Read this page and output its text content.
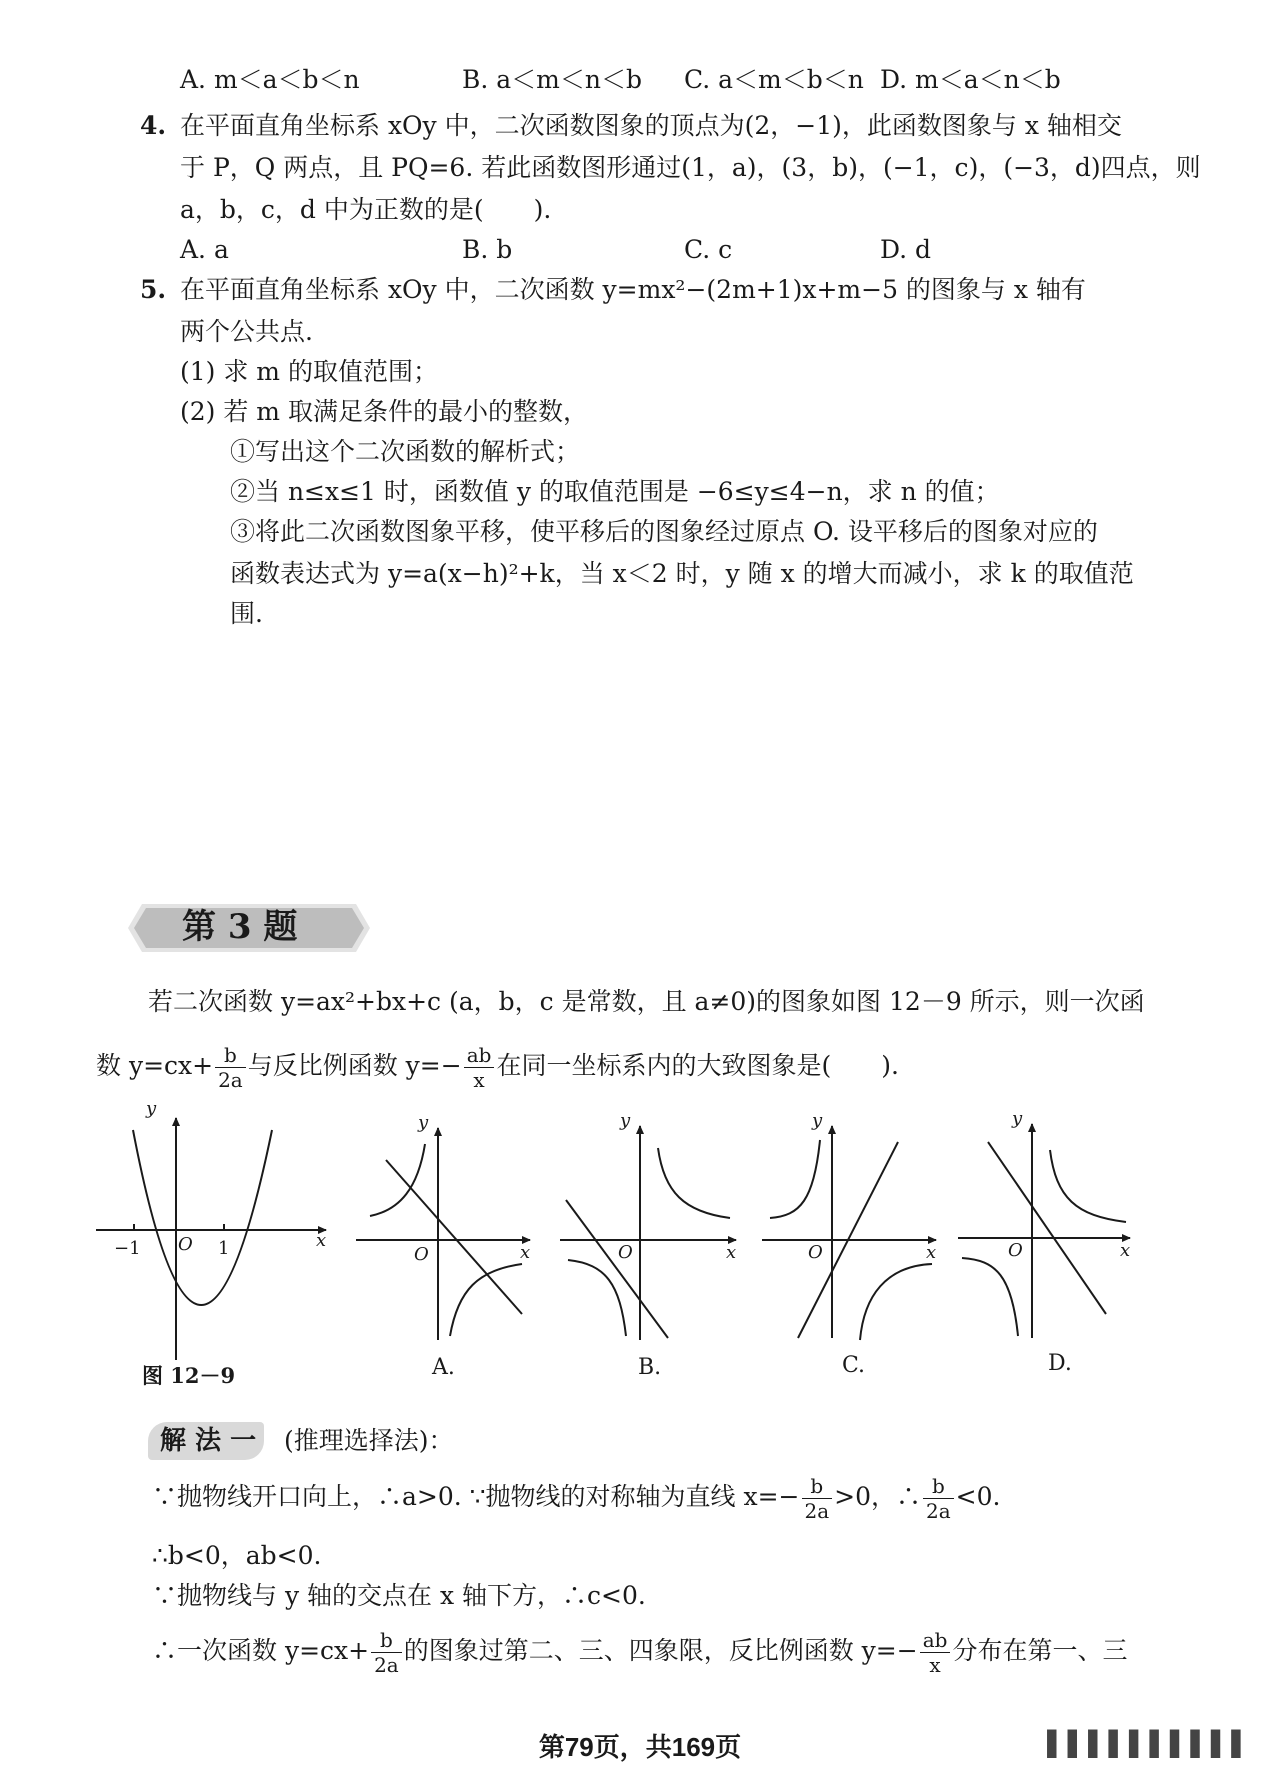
A. m＜a＜b＜n	B. a＜m＜n＜b C. a＜m＜b＜n D. m＜a＜n＜b
4. 在平面直角坐标系 xOy 中，二次函数图象的顶点为(2，−1)，此函数图象与 x 轴相交
于 P，Q 两点，且 PQ=6. 若此函数图形通过(1，a)，(3，b)，(−1，c)，(−3，d)四点，则
a，b，c，d 中为正数的是(　　).
A. a	B. b	C. c	D. d
5. 在平面直角坐标系 xOy 中，二次函数 y=mx²−(2m+1)x+m−5 的图象与 x 轴有
两个公共点.
(1) 求 m 的取值范围；
(2) 若 m 取满足条件的最小的整数，
①写出这个二次函数的解析式；
②当 n≤x≤1 时，函数值 y 的取值范围是 −6≤y≤4−n，求 n 的值；
③将此二次函数图象平移，使平移后的图象经过原点 O. 设平移后的图象对应的
函数表达式为 y=a(x−h)²+k，当 x＜2 时，y 随 x 的增大而减小，求 k 的取值范
围.
第 3 题
若二次函数 y=ax²+bx+c (a，b，c 是常数，且 a≠0)的图象如图 12－9 所示，则一次函
数 $y=cx+ \frac{b}{2a}$ 与反比例函数 $y=- \frac{ab}{x}$ 在同一坐标系内的大致图象是(　　).
y
x
O
−1	1
y
x
O
y
x
O
y
x
O
y
x
O
图 12－9	A.	B.	C.	D.
解 法 一 (推理选择法)：
∵抛物线开口向上，∴a>0. ∵抛物线的对称轴为直线 $x=- \frac{b}{2a} >0$，∴ $\frac{b}{2a} <0$.
∴b<0，ab<0.
∵抛物线与 y 轴的交点在 x 轴下方，∴c<0.
∴一次函数 $y=cx+ \frac{b}{2a}$ 的图象过第二、三、四象限，反比例函数 $y=- \frac{ab}{x}$ 分布在第一、三
第79页，共169页	▌▌▌▌▌▌▌▌▌▌
